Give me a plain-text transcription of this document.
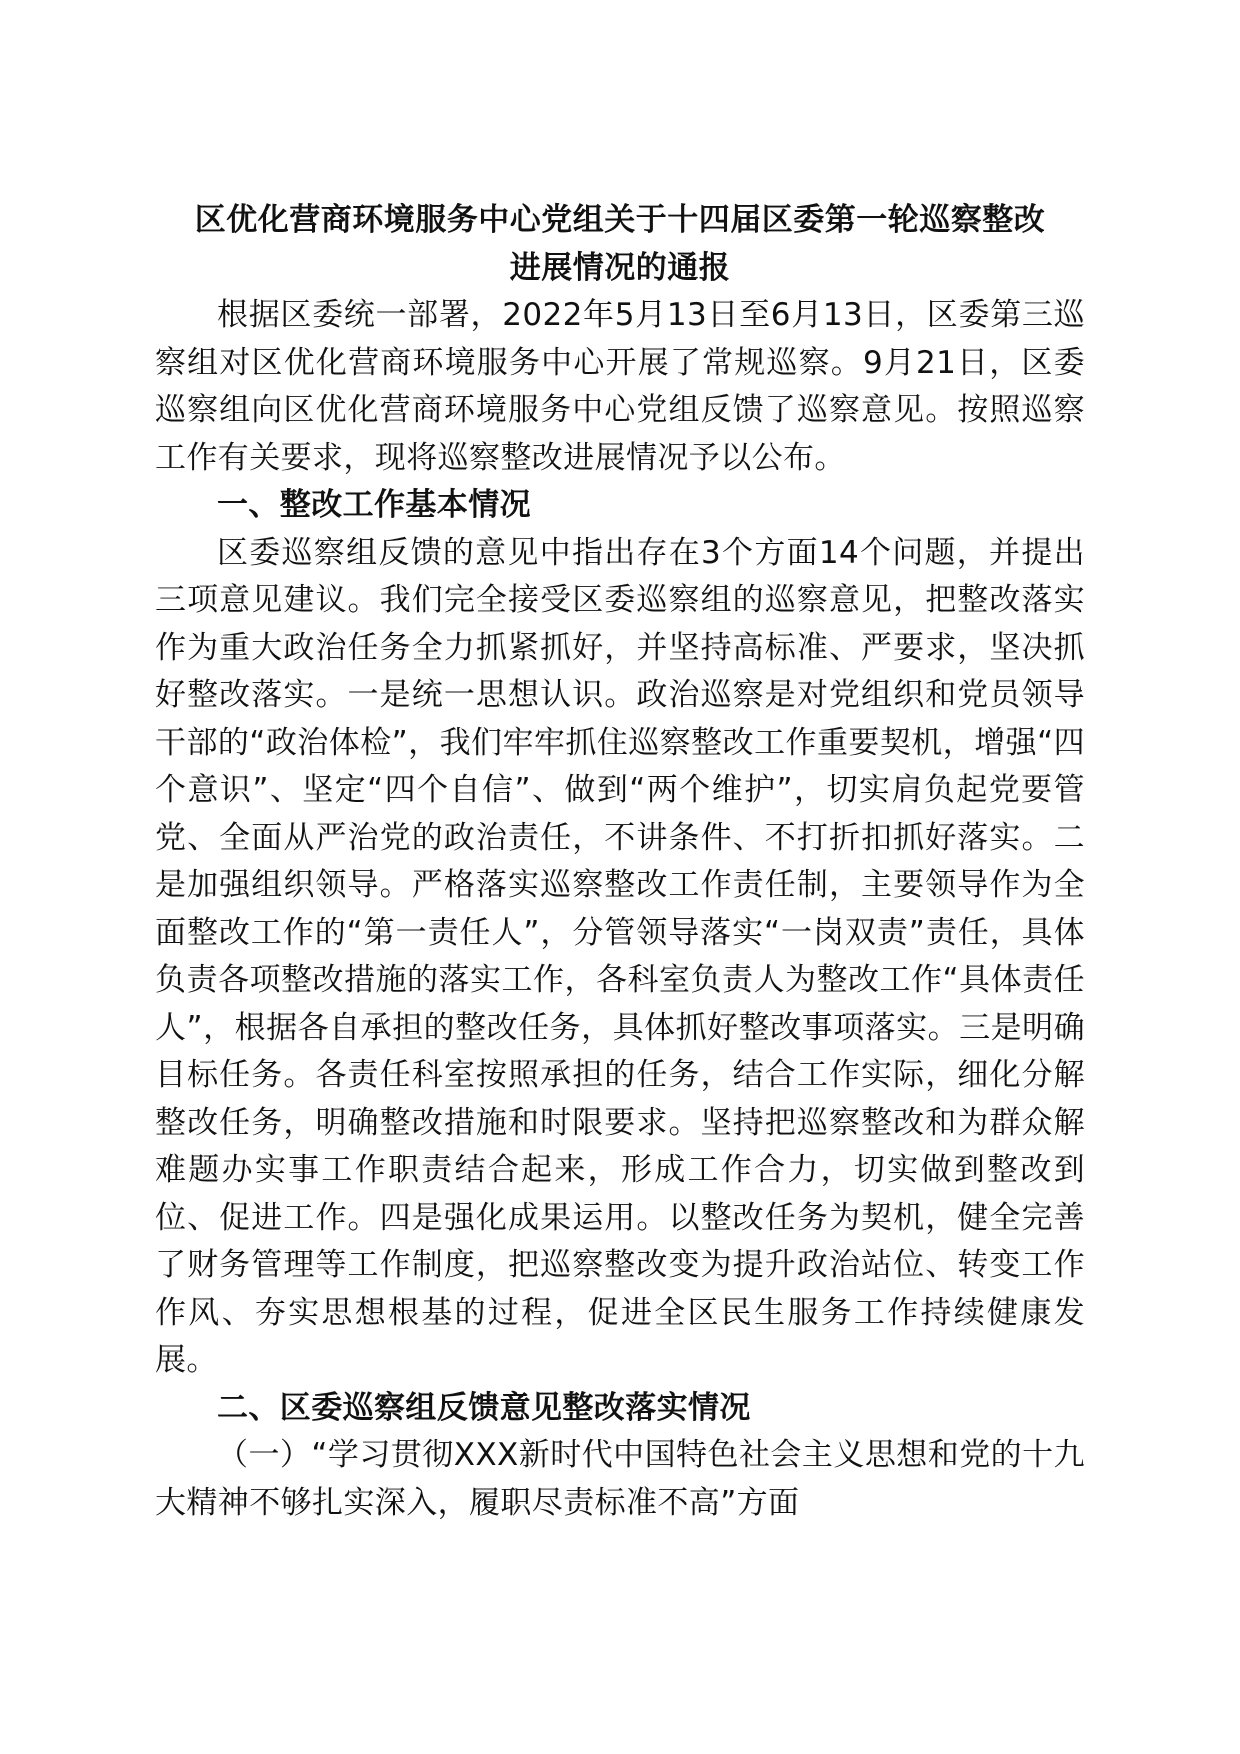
区优化营商环境服务中心党组关于十四届区委第一轮巡察整改
进展情况的通报

根据区委统一部署，2022年5月13日至6月13日，区委第三巡察组对区优化营商环境服务中心开展了常规巡察。9月21日，区委巡察组向区优化营商环境服务中心党组反馈了巡察意见。按照巡察工作有关要求，现将巡察整改进展情况予以公布。

一、整改工作基本情况

区委巡察组反馈的意见中指出存在3个方面14个问题，并提出三项意见建议。我们完全接受区委巡察组的巡察意见，把整改落实作为重大政治任务全力抓紧抓好，并坚持高标准、严要求，坚决抓好整改落实。一是统一思想认识。政治巡察是对党组织和党员领导干部的“政治体检”，我们牢牢抓住巡察整改工作重要契机，增强“四个意识”、坚定“四个自信”、做到“两个维护”，切实肩负起党要管党、全面从严治党的政治责任，不讲条件、不打折扣抓好落实。二是加强组织领导。严格落实巡察整改工作责任制，主要领导作为全面整改工作的“第一责任人”，分管领导落实“一岗双责”责任，具体负责各项整改措施的落实工作，各科室负责人为整改工作“具体责任人”，根据各自承担的整改任务，具体抓好整改事项落实。三是明确目标任务。各责任科室按照承担的任务，结合工作实际，细化分解整改任务，明确整改措施和时限要求。坚持把巡察整改和为群众解难题办实事工作职责结合起来，形成工作合力，切实做到整改到位、促进工作。四是强化成果运用。以整改任务为契机，健全完善了财务管理等工作制度，把巡察整改变为提升政治站位、转变工作作风、夯实思想根基的过程，促进全区民生服务工作持续健康发展。

二、区委巡察组反馈意见整改落实情况

（一）“学习贯彻XXX新时代中国特色社会主义思想和党的十九大精神不够扎实深入，履职尽责标准不高”方面
